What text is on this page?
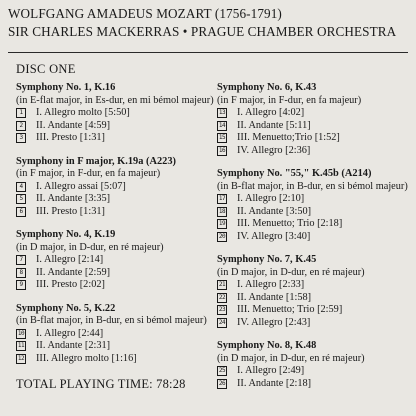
WOLFGANG AMADEUS MOZART (1756-1791)
SIR CHARLES MACKERRAS • PRAGUE CHAMBER ORCHESTRA
DISC ONE
Symphony No. 1, K.16
(in E-flat major, in Es-dur, en mi bémol majeur)
1	I. Allegro molto [5:50]
2	II. Andante [4:59]
3	III. Presto [1:31]
Symphony in F major, K.19a (A223)
(in F major, in F-dur, en fa majeur)
4	I. Allegro assai [5:07]
5	II. Andante [3:35]
6	III. Presto [1:31]
Symphony No. 4, K.19
(in D major, in D-dur, en ré majeur)
7	I. Allegro [2:14]
8	II. Andante [2:59]
9	III. Presto [2:02]
Symphony No. 5, K.22
(in B-flat major, in B-dur, en si bémol majeur)
10 I. Allegro [2:44]
11 II. Andante [2:31]
12 III. Allegro molto [1:16]
Symphony No. 6, K.43
(in F major, in F-dur, en fa majeur)
13 I. Allegro [4:02]
14 II. Andante [5:11]
15 III. Menuetto;Trio [1:52]
16 IV. Allegro [2:36]
Symphony No. "55," K.45b (A214)
(in B-flat major, in B-dur, en si bémol majeur)
17 I. Allegro [2:10]
18 II. Andante [3:50]
19 III. Menuetto; Trio [2:18]
20 IV. Allegro [3:40]
Symphony No. 7, K.45
(in D major, in D-dur, en ré majeur)
21 I. Allegro [2:33]
22 II. Andante [1:58]
23 III. Menuetto; Trio [2:59]
24 IV. Allegro [2:43]
Symphony No. 8, K.48
(in D major, in D-dur, en ré majeur)
25 I. Allegro [2:49]
26 II. Andante [2:18]
TOTAL PLAYING TIME: 78:28
